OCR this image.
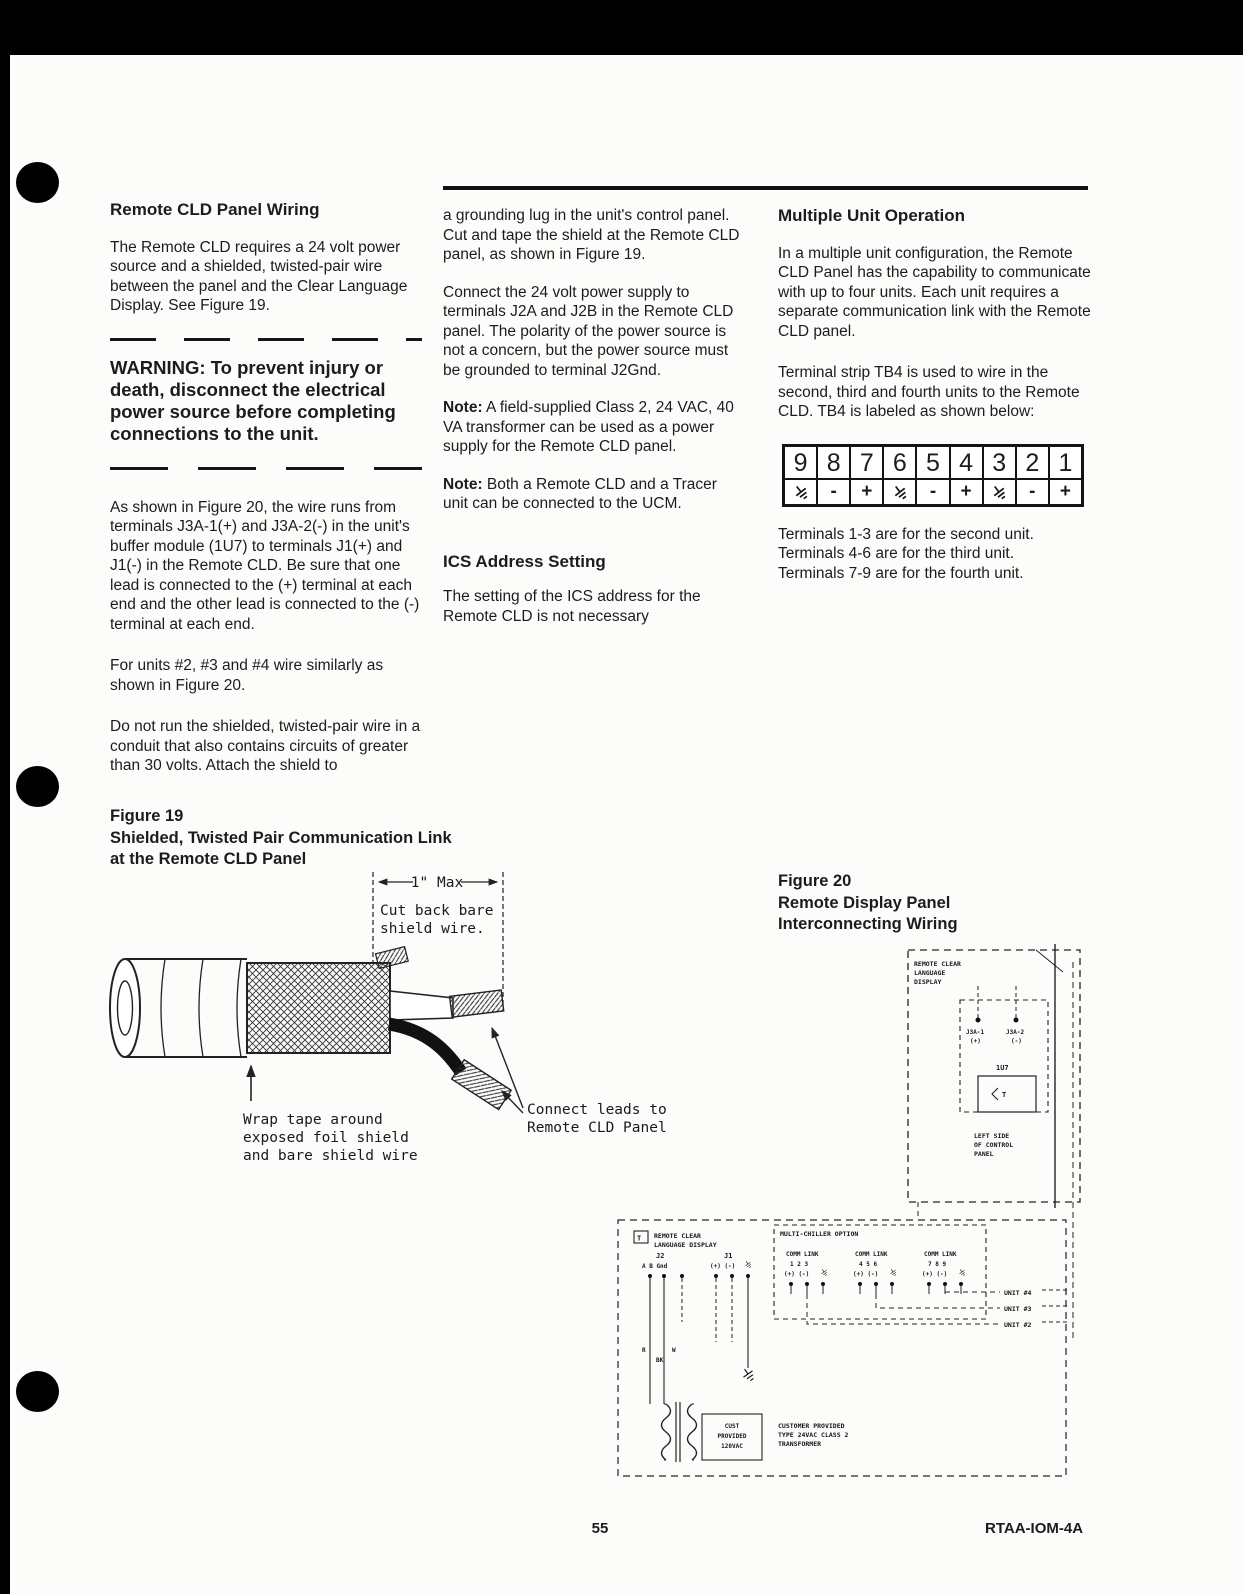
Remote CLD Panel Wiring

The Remote CLD requires a 24 volt power source and a shielded, twisted-pair wire between the panel and the Clear Language Display. See Figure 19.

WARNING: To prevent injury or death, disconnect the electrical power source before completing connections to the unit.

As shown in Figure 20, the wire runs from terminals J3A-1(+) and J3A-2(-) in the unit's buffer module (1U7) to terminals J1(+) and J1(-) in the Remote CLD. Be sure that one lead is connected to the (+) terminal at each end and the other lead is connected to the (-) terminal at each end.

For units #2, #3 and #4 wire similarly as shown in Figure 20.

Do not run the shielded, twisted-pair wire in a conduit that also contains circuits of greater than 30 volts. Attach the shield to

a grounding lug in the unit's control panel. Cut and tape the shield at the Remote CLD panel, as shown in Figure 19.

Connect the 24 volt power supply to terminals J2A and J2B in the Remote CLD panel. The polarity of the power source is not a concern, but the power source must be grounded to terminal J2Gnd.

Note: A field-supplied Class 2, 24 VAC, 40 VA transformer can be used as a power supply for the Remote CLD panel.

Note: Both a Remote CLD and a Tracer unit can be connected to the UCM.

ICS Address Setting

The setting of the ICS address for the Remote CLD is not necessary

Multiple Unit Operation

In a multiple unit configuration, the Remote CLD Panel has the capability to communicate with up to four units. Each unit requires a separate communication link with the Remote CLD panel.

Terminal strip TB4 is used to wire in the second, third and fourth units to the Remote CLD. TB4 is labeled as shown below:

9 8
-
7
+
6 5
-
4
+
3 2
-
1
+
Terminals 1-3 are for the second unit.
Terminals 4-6 are for the third unit.
Terminals 7-9 are for the fourth unit.
Figure 19
Shielded, Twisted Pair Communication Link
at the Remote CLD Panel
1" Max
Cut back bare
shield wire.
Wrap tape around
exposed foil shield
and bare shield wire
Connect leads to
Remote CLD Panel
Figure 20
Remote Display Panel
Interconnecting Wiring
REMOTE CLEAR
LANGUAGE
DISPLAY
J3A-1
(+)
J3A-2
(-)
1U7
T
LEFT SIDE
OF CONTROL
PANEL
T REMOTE CLEAR
LANGUAGE DISPLAY
MULTI-CHILLER OPTION
COMM LINK
1 2 3
(+) (-)
COMM LINK
4 5 6
(+) (-)
COMM LINK
7 8 9
(+) (-)
UNIT #4
UNIT #3
UNIT #2
J2
A B Gnd
J1
(+) (-)
R
BK
W
CUST
PROVIDED
120VAC
CUSTOMER PROVIDED
TYPE 24VAC CLASS 2
TRANSFORMER
55	RTAA-IOM-4A
